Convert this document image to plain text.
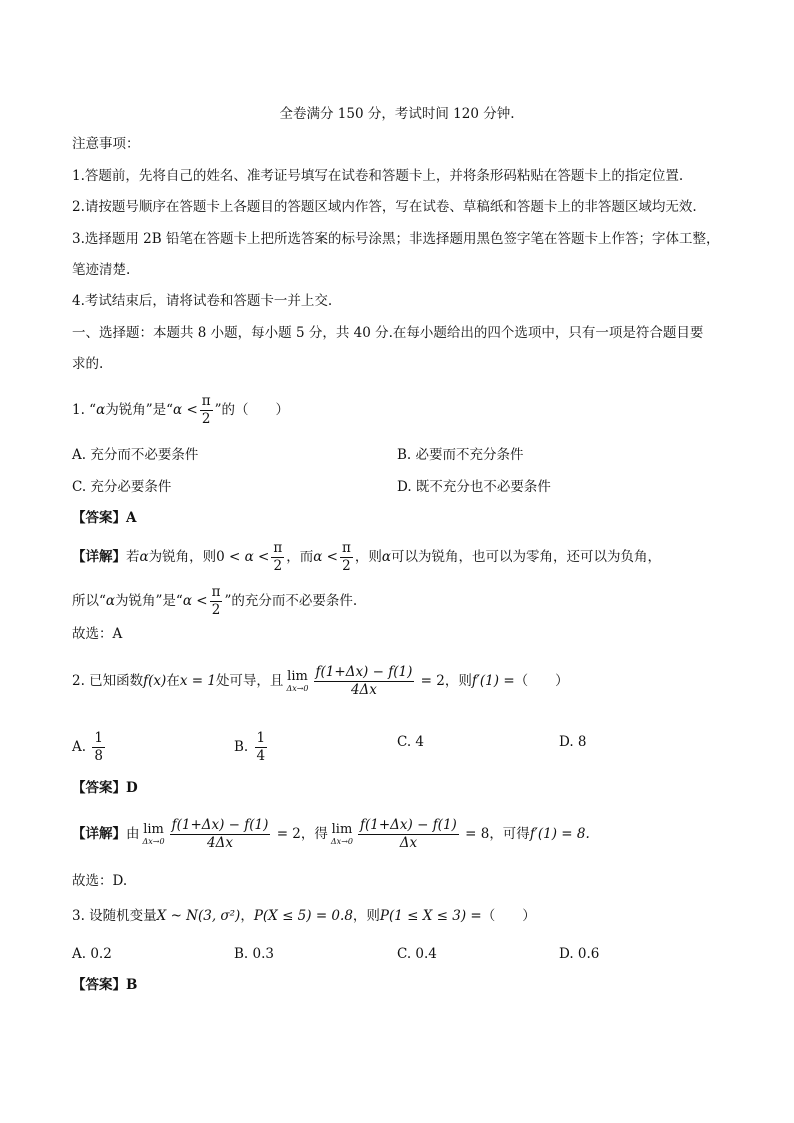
全卷满分 150 分，考试时间 120 分钟.
注意事项：
1.答题前，先将自己的姓名、准考证号填写在试卷和答题卡上，并将条形码粘贴在答题卡上的指定位置.
2.请按题号顺序在答题卡上各题目的答题区域内作答，写在试卷、草稿纸和答题卡上的非答题区域均无效.
3.选择题用 2B 铅笔在答题卡上把所选答案的标号涂黑；非选择题用黑色签字笔在答题卡上作答；字体工整，
笔迹清楚.
4.考试结束后，请将试卷和答题卡一并上交.
一、选择题：本题共 8 小题，每小题 5 分，共 40 分.在每小题给出的四个选项中，只有一项是符合题目要
求的.
1. “α为锐角”是“$\alpha < \frac{\pi}{2}$ ”的（　　）
A. 充分而不必要条件	B. 必要而不充分条件
C. 充分必要条件	D. 既不充分也不必要条件
【答案】A
【详解】若α为锐角，则$0 < \alpha < \frac{\pi}{2}$ ，而$\alpha < \frac{\pi}{2}$ ，则α可以为锐角，也可以为零角，还可以为负角，
所以“α为锐角”是“$\alpha < \frac{\pi}{2}$ ”的充分而不必要条件.
故选：A
2. 已知函数f(x)在x = 1处可导，且 lim
$\Delta x\to 0 \frac{f(1+\Delta x) - f(1)}{4\Delta x} = 2$，则f′(1) =（　　）
A. $\frac{1}{8}$	B. $\frac{1}{4}$	C. 4	D. 8
【答案】D
【详解】由 lim
$\Delta x\to 0 \frac{f(1+\Delta x) - f(1)}{4\Delta x} = 2$，得 lim
$\Delta x\to 0 \frac{f(1+\Delta x) - f(1)}{\Delta x} = 8$，可得f′(1) = 8.
故选：D.
3. 设随机变量X ~ N(3, σ²)，P(X ≤ 5) = 0.8，则P(1 ≤ X ≤ 3) =（　　）
A. 0.2	B. 0.3	C. 0.4	D. 0.6
【答案】B
